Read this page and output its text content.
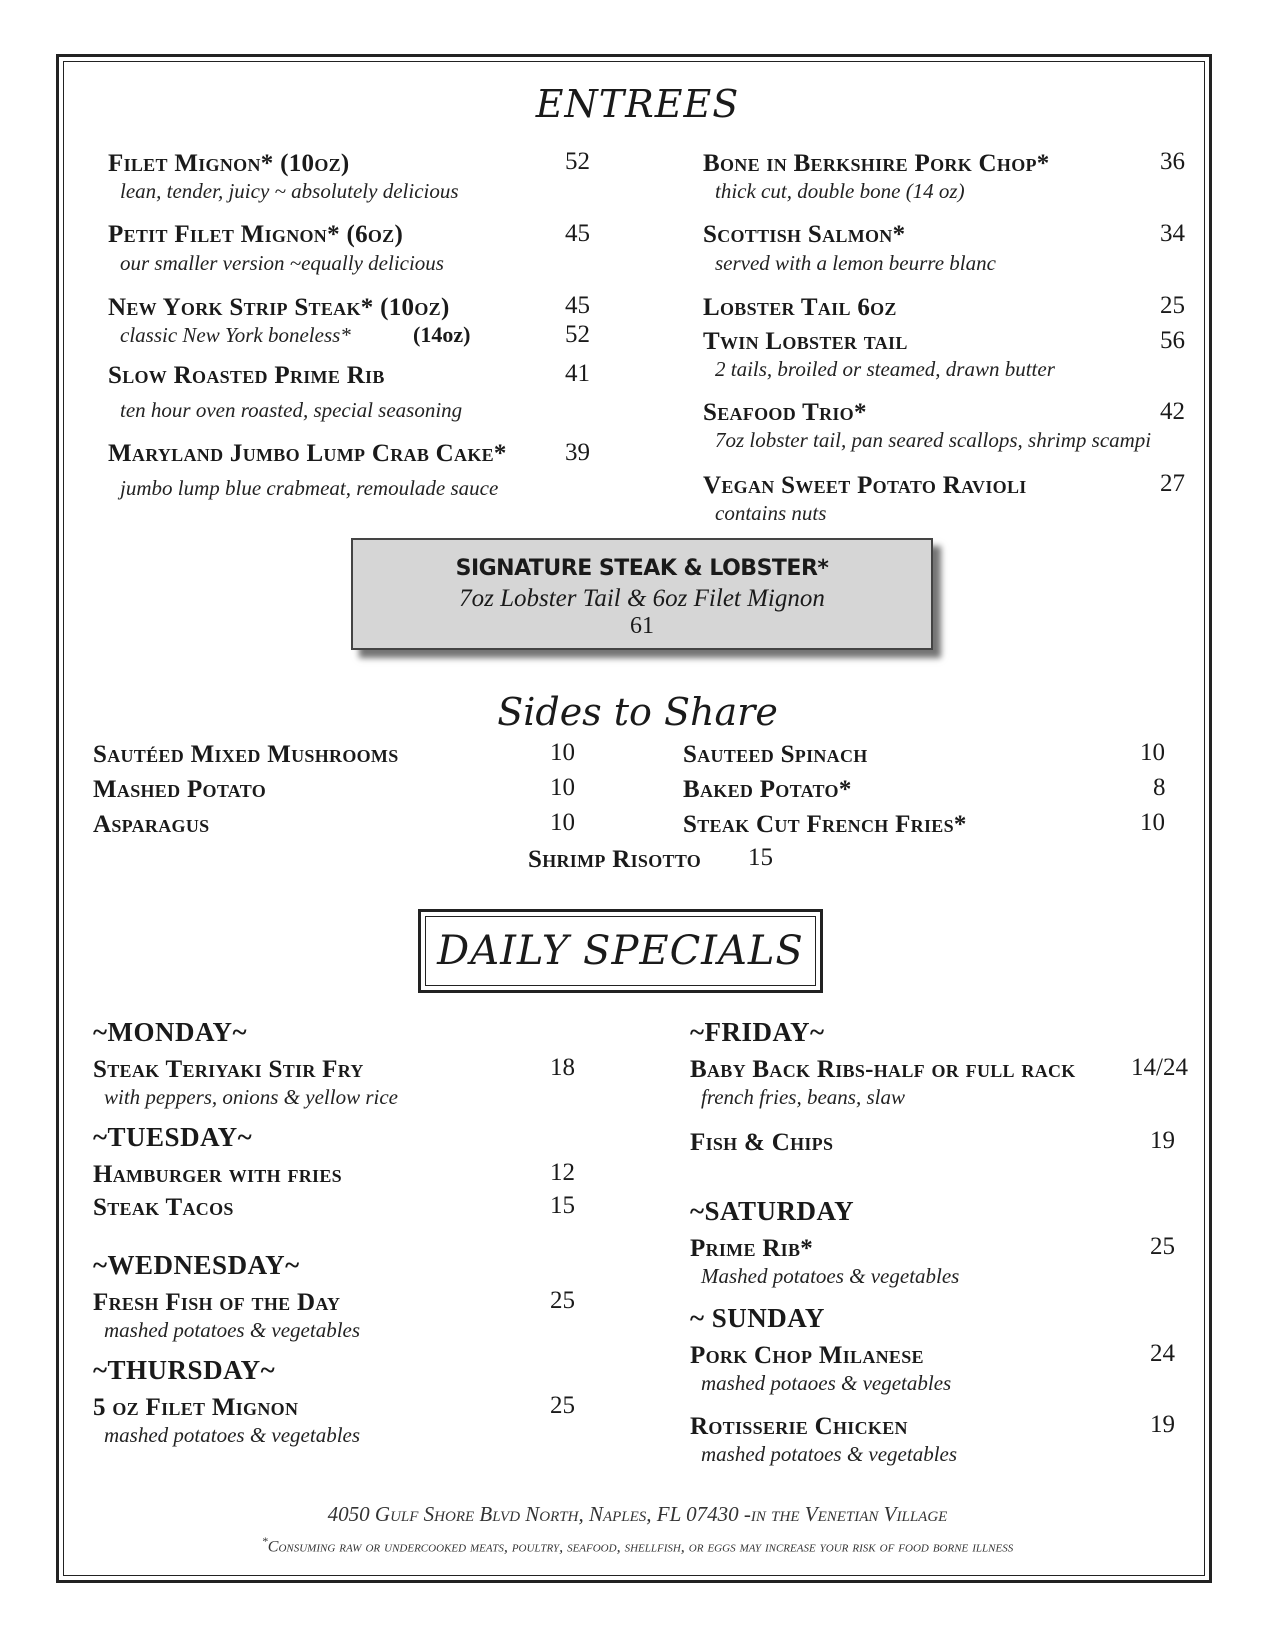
ENTREES
Filet Mignon* (10oz)	52
lean, tender, juicy ~ absolutely delicious
Petit Filet Mignon* (6oz)	45
our smaller version ~equally delicious
New York Strip Steak* (10oz)	45
classic New York boneless*	(14oz)	52
Slow Roasted Prime Rib	41
ten hour oven roasted, special seasoning
Maryland Jumbo Lump Crab Cake* 39
jumbo lump blue crabmeat, remoulade sauce
Bone in Berkshire Pork Chop*	36
thick cut, double bone (14 oz)
Scottish Salmon*	34
served with a lemon beurre blanc
Lobster Tail 6oz	25
Twin Lobster tail	56
2 tails, broiled or steamed, drawn butter
Seafood Trio*	42
7oz lobster tail, pan seared scallops, shrimp scampi
Vegan Sweet Potato Ravioli	27
contains nuts
SIGNATURE STEAK & LOBSTER*
7oz Lobster Tail & 6oz Filet Mignon
61
Sides to Share
Sautéed Mixed Mushrooms	10
Mashed Potato	10
Asparagus	10
Sauteed Spinach	10
Baked Potato*	8
Steak Cut French Fries*	10
Shrimp Risotto 15
DAILY SPECIALS
~MONDAY~
Steak Teriyaki Stir Fry	18
with peppers, onions & yellow rice
~TUESDAY~
Hamburger with fries	12
Steak Tacos	15
~WEDNESDAY~
Fresh Fish of the Day	25
mashed potatoes & vegetables
~THURSDAY~
5 oz Filet Mignon	25
mashed potatoes & vegetables
~FRIDAY~
Baby Back Ribs-half or full rack 14/24
french fries, beans, slaw
Fish & Chips	19
~SATURDAY
Prime Rib*	25
Mashed potatoes & vegetables
~ SUNDAY
Pork Chop Milanese	24
mashed potaoes & vegetables
Rotisserie Chicken	19
mashed potatoes & vegetables
4050 Gulf Shore Blvd North, Naples, FL 07430 -in the Venetian Village
*Consuming raw or undercooked meats, poultry, seafood, shellfish, or eggs may increase your risk of food borne illness
